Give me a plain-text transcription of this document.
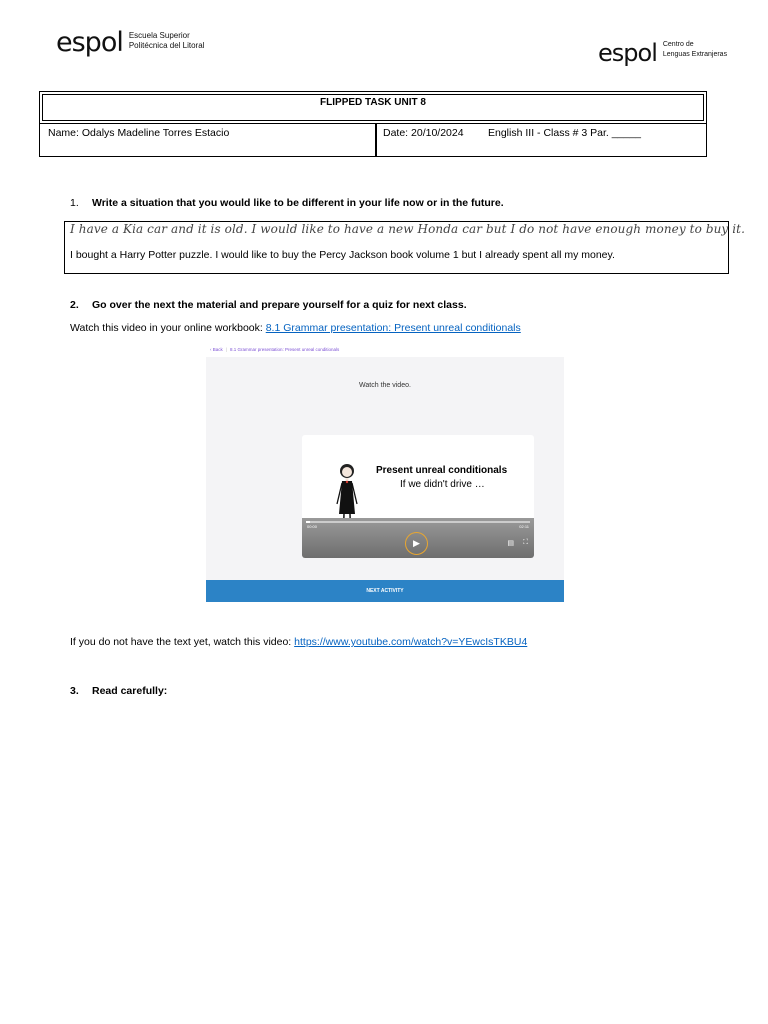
espol Escuela Superior
Politécnica del Litoral	espol Centro de
Lenguas Extranjeras
FLIPPED TASK UNIT 8
Name: Odalys Madeline Torres Estacio	Date: 20/10/2024 English III - Class # 3 Par. _____
1. Write a situation that you would like to be different in your life now or in the future.
I have a Kia car and it is old. I would like to have a new Honda car but I do not have enough money to buy it.
I bought a Harry Potter puzzle. I would like to buy the Percy Jackson book volume 1 but I already spent all my money.
2. Go over the next the material and prepare yourself for a quiz for next class.
Watch this video in your online workbook: 8.1 Grammar presentation: Present unreal conditionals
‹ Back | 8.1 Grammar presentation: Present unreal conditionals
Watch the video.
Present unreal conditionals
If we didn't drive …
00:00	02:11
▶	▤ ⛶
NEXT ACTIVITY
If you do not have the text yet, watch this video: https://www.youtube.com/watch?v=YEwcIsTKBU4
3. Read carefully:
